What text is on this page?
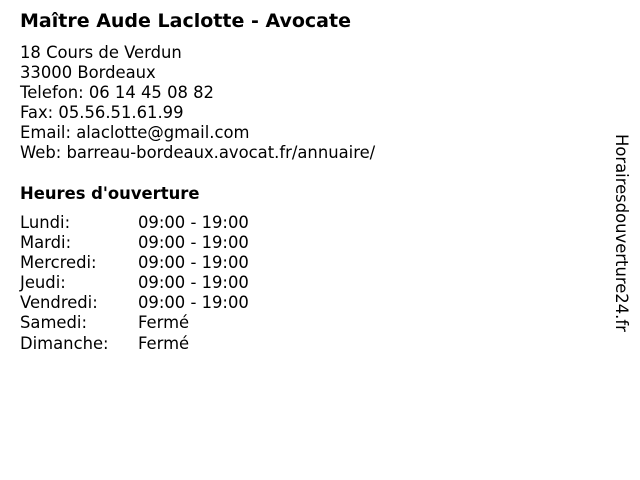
Maître Aude Laclotte - Avocate
18 Cours de Verdun
33000 Bordeaux
Telefon: 06 14 45 08 82
Fax: 05.56.51.61.99
Email: alaclotte@gmail.com
Web: barreau-bordeaux.avocat.fr/annuaire/
Heures d'ouverture
Lundi:	09:00 - 19:00
Mardi:	09:00 - 19:00
Mercredi:	09:00 - 19:00
Jeudi:	09:00 - 19:00
Vendredi:	09:00 - 19:00
Samedi:	Fermé
Dimanche:	Fermé
Horairesdouverture24.fr
